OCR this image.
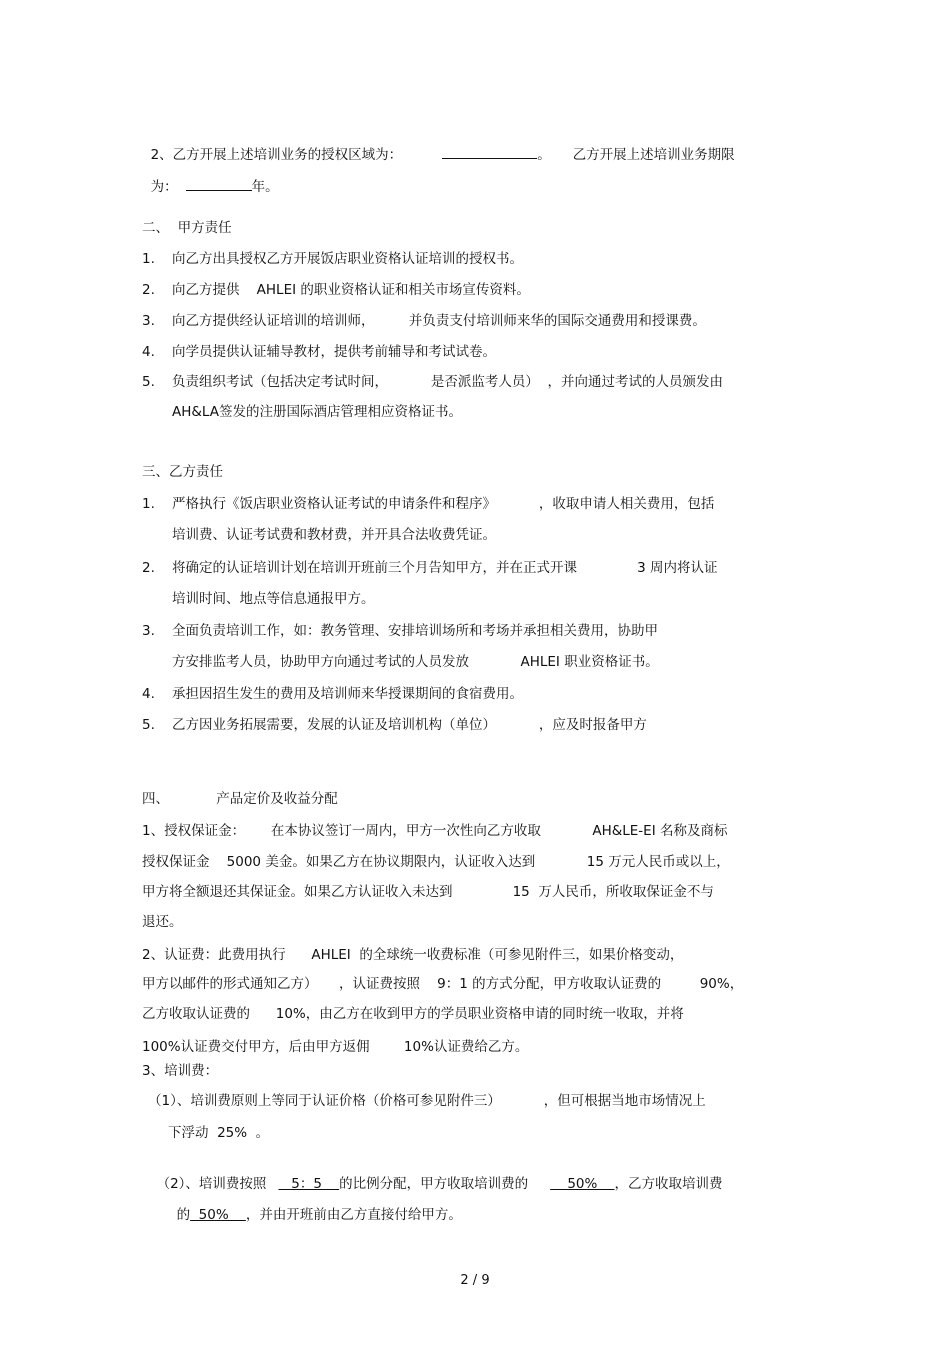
2、乙方开展上述培训业务的授权区域为：	。 乙方开展上述培训业务期限

为：	年。

二、  甲方责任
1. 向乙方出具授权乙方开展饭店职业资格认证培训的授权书。
2. 向乙方提供    AHLEI 的职业资格认证和相关市场宣传资料。
3. 向乙方提供经认证培训的培训师，        并负责支付培训师来华的国际交通费用和授课费。
4. 向学员提供认证辅导教材，提供考前辅导和考试试卷。
5. 负责组织考试（包括决定考试时间，          是否派监考人员）  ，并向通过考试的人员颁发由
AH&LA签发的注册国际酒店管理相应资格证书。
三、乙方责任
1. 严格执行《饭店职业资格认证考试的申请条件和程序》          ，收取申请人相关费用，包括
培训费、认证考试费和教材费，并开具合法收费凭证。
2. 将确定的认证培训计划在培训开班前三个月告知甲方，并在正式开课              3 周内将认证
培训时间、地点等信息通报甲方。
3. 全面负责培训工作，如：教务管理、安排培训场所和考场并承担相关费用，协助甲
方安排监考人员，协助甲方向通过考试的人员发放            AHLEI 职业资格证书。
4. 承担因招生发生的费用及培训师来华授课期间的食宿费用。
5. 乙方因业务拓展需要，发展的认证及培训机构（单位）          ，应及时报备甲方
四、           产品定价及收益分配
1、授权保证金：      在本协议签订一周内，甲方一次性向乙方收取            AH&LE-EI 名称及商标
授权保证金    5000 美金。如果乙方在协议期限内，认证收入达到            15 万元人民币或以上，
甲方将全额退还其保证金。如果乙方认证收入未达到              15  万人民币，所收取保证金不与
退还。
2、认证费：此费用执行      AHLEI  的全球统一收费标准（可参见附件三，如果价格变动，
甲方以邮件的形式通知乙方）     ，认证费按照    9：1 的方式分配，甲方收取认证费的         90%，
乙方收取认证费的      10%，由乙方在收到甲方的学员职业资格申请的同时统一收取，并将
100%认证费交付甲方，后由甲方返佣        10%认证费给乙方。
3、培训费：
（1）、培训费原则上等同于认证价格（价格可参见附件三）          ，但可根据当地市场情况上
下浮动  25%  。

（2）、培训费按照   5：5    的比例分配，甲方收取培训费的    50%    ，乙方收取培训费

的  50%    ，并由开班前由乙方直接付给甲方。

2 / 9
